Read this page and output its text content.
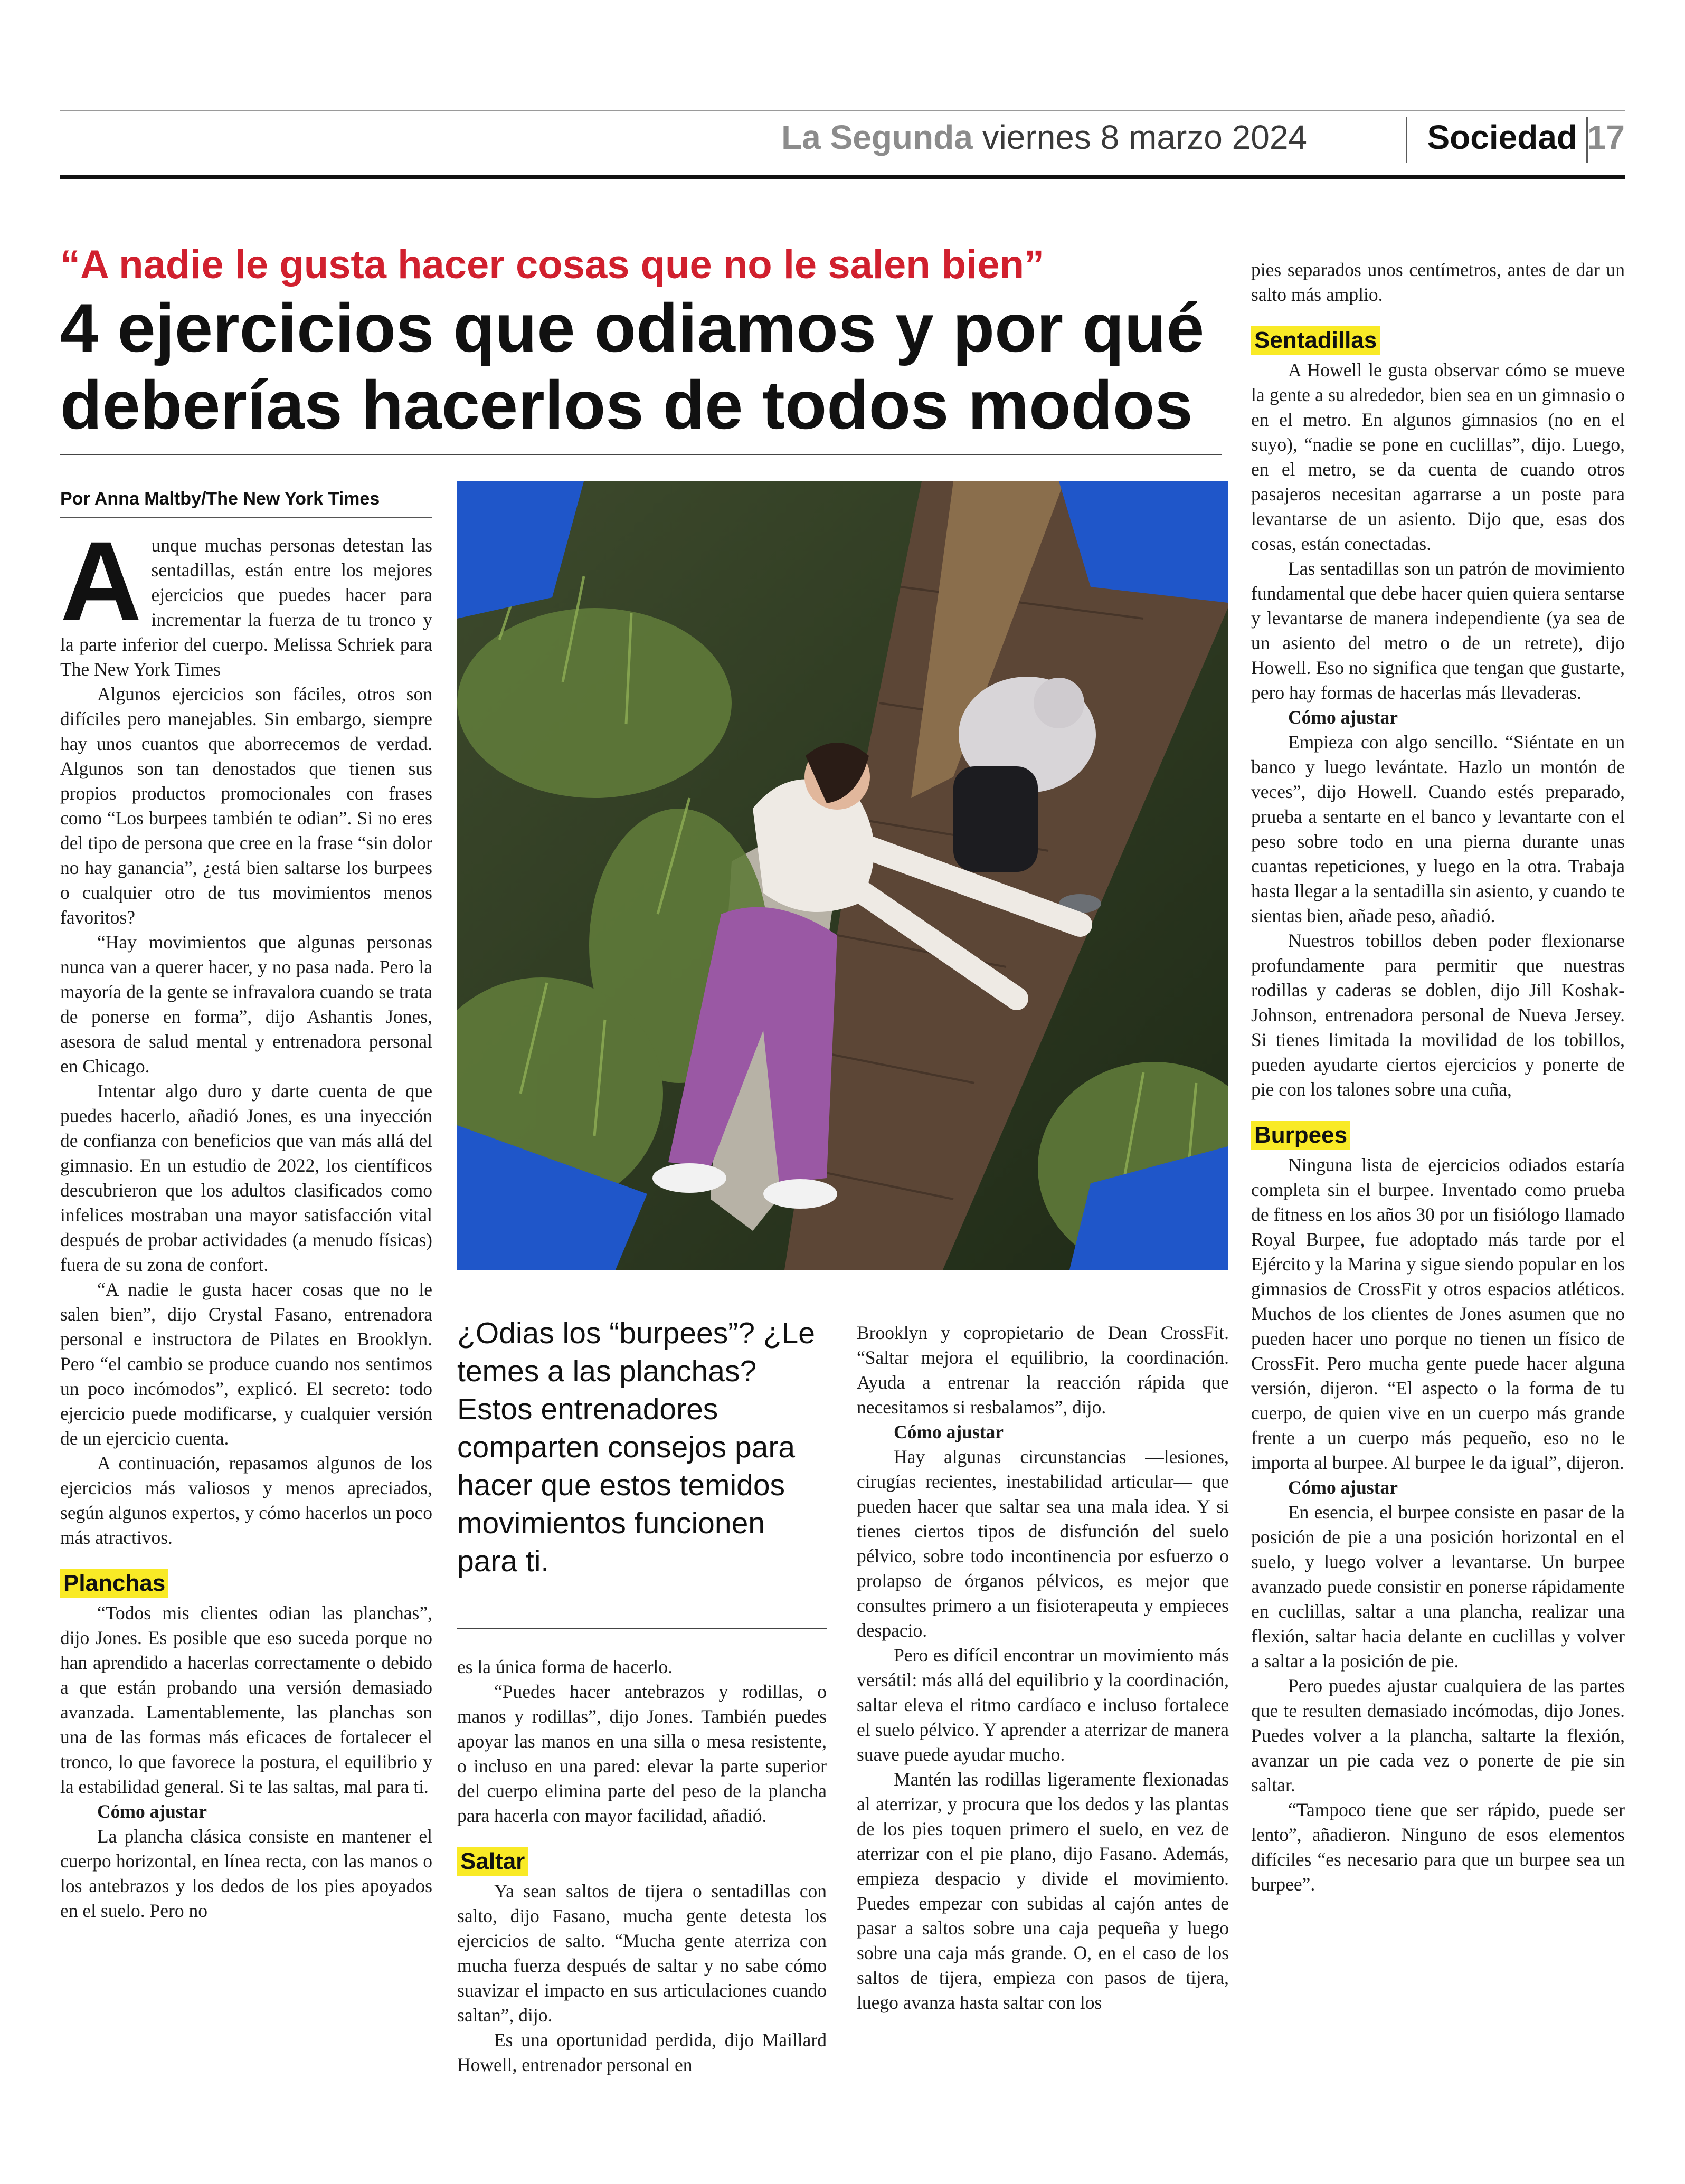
La Segunda viernes 8 marzo 2024	Sociedad 17
“A nadie le gusta hacer cosas que no le salen bien”
4 ejercicios que odiamos y por qué deberías hacerlos de todos modos
Por Anna Maltby/The New York Times

Aunque muchas personas detestan las sentadillas, están entre los mejores ejercicios que puedes hacer para incrementar la fuerza de tu tronco y la parte inferior del cuerpo. Melissa Schriek para The New York Times

Algunos ejercicios son fáciles, otros son difíciles pero manejables. Sin embargo, siempre hay unos cuantos que aborrecemos de verdad. Algunos son tan denostados que tienen sus propios productos promocionales con frases como “Los burpees también te odian”. Si no eres del tipo de persona que cree en la frase “sin dolor no hay ganancia”, ¿está bien saltarse los burpees o cualquier otro de tus movimientos menos favoritos?

“Hay movimientos que algunas personas nunca van a querer hacer, y no pasa nada. Pero la mayoría de la gente se infravalora cuando se trata de ponerse en forma”, dijo Ashantis Jones, asesora de salud mental y entrenadora personal en Chicago.

Intentar algo duro y darte cuenta de que puedes hacerlo, añadió Jones, es una inyección de confianza con beneficios que van más allá del gimnasio. En un estudio de 2022, los científicos descubrieron que los adultos clasificados como infelices mostraban una mayor satisfacción vital después de probar actividades (a menudo físicas) fuera de su zona de confort.

“A nadie le gusta hacer cosas que no le salen bien”, dijo Crystal Fasano, entrenadora personal e instructora de Pilates en Brooklyn. Pero “el cambio se produce cuando nos sentimos un poco incómodos”, explicó. El secreto: todo ejercicio puede modificarse, y cualquier versión de un ejercicio cuenta.

A continuación, repasamos algunos de los ejercicios más valiosos y menos apreciados, según algunos expertos, y cómo hacerlos un poco más atractivos.

Planchas

“Todos mis clientes odian las planchas”, dijo Jones. Es posible que eso suceda porque no han aprendido a hacerlas correctamente o debido a que están probando una versión demasiado avanzada. Lamentablemente, las planchas son una de las formas más eficaces de fortalecer el tronco, lo que favorece la postura, el equilibrio y la estabilidad general. Si te las saltas, mal para ti.

Cómo ajustar

La plancha clásica consiste en mantener el cuerpo horizontal, en línea recta, con las manos o los antebrazos y los dedos de los pies apoyados en el suelo. Pero no

¿Odias los “burpees”? ¿Le temes a las planchas? Estos entrenadores comparten consejos para hacer que estos temidos movimientos funcionen para ti.

es la única forma de hacerlo.

“Puedes hacer antebrazos y rodillas, o manos y rodillas”, dijo Jones. También puedes apoyar las manos en una silla o mesa resistente, o incluso en una pared: elevar la parte superior del cuerpo elimina parte del peso de la plancha para hacerla con mayor facilidad, añadió.

Saltar

Ya sean saltos de tijera o sentadillas con salto, dijo Fasano, mucha gente detesta los ejercicios de salto. “Mucha gente aterriza con mucha fuerza después de saltar y no sabe cómo suavizar el impacto en sus articulaciones cuando saltan”, dijo.

Es una oportunidad perdida, dijo Maillard Howell, entrenador personal en

Brooklyn y copropietario de Dean CrossFit. “Saltar mejora el equilibrio, la coordinación. Ayuda a entrenar la reacción rápida que necesitamos si resbalamos”, dijo.

Cómo ajustar

Hay algunas circunstancias —lesiones, cirugías recientes, inestabilidad articular— que pueden hacer que saltar sea una mala idea. Y si tienes ciertos tipos de disfunción del suelo pélvico, sobre todo incontinencia por esfuerzo o prolapso de órganos pélvicos, es mejor que consultes primero a un fisioterapeuta y empieces despacio.

Pero es difícil encontrar un movimiento más versátil: más allá del equilibrio y la coordinación, saltar eleva el ritmo cardíaco e incluso fortalece el suelo pélvico. Y aprender a aterrizar de manera suave puede ayudar mucho.

Mantén las rodillas ligeramente flexionadas al aterrizar, y procura que los dedos y las plantas de los pies toquen primero el suelo, en vez de aterrizar con el pie plano, dijo Fasano. Además, empieza despacio y divide el movimiento. Puedes empezar con subidas al cajón antes de pasar a saltos sobre una caja pequeña y luego sobre una caja más grande. O, en el caso de los saltos de tijera, empieza con pasos de tijera, luego avanza hasta saltar con los

pies separados unos centímetros, antes de dar un salto más amplio.

Sentadillas

A Howell le gusta observar cómo se mueve la gente a su alrededor, bien sea en un gimnasio o en el metro. En algunos gimnasios (no en el suyo), “nadie se pone en cuclillas”, dijo. Luego, en el metro, se da cuenta de cuando otros pasajeros necesitan agarrarse a un poste para levantarse de un asiento. Dijo que, esas dos cosas, están conectadas.

Las sentadillas son un patrón de movimiento fundamental que debe hacer quien quiera sentarse y levantarse de manera independiente (ya sea de un asiento del metro o de un retrete), dijo Howell. Eso no significa que tengan que gustarte, pero hay formas de hacerlas más llevaderas.

Cómo ajustar

Empieza con algo sencillo. “Siéntate en un banco y luego levántate. Hazlo un montón de veces”, dijo Howell. Cuando estés preparado, prueba a sentarte en el banco y levantarte con el peso sobre todo en una pierna durante unas cuantas repeticiones, y luego en la otra. Trabaja hasta llegar a la sentadilla sin asiento, y cuando te sientas bien, añade peso, añadió.

Nuestros tobillos deben poder flexionarse profundamente para permitir que nuestras rodillas y caderas se doblen, dijo Jill Koshak-Johnson, entrenadora personal de Nueva Jersey. Si tienes limitada la movilidad de los tobillos, pueden ayudarte ciertos ejercicios y ponerte de pie con los talones sobre una cuña,

Burpees

Ninguna lista de ejercicios odiados estaría completa sin el burpee. Inventado como prueba de fitness en los años 30 por un fisiólogo llamado Royal Burpee, fue adoptado más tarde por el Ejército y la Marina y sigue siendo popular en los gimnasios de CrossFit y otros espacios atléticos. Muchos de los clientes de Jones asumen que no pueden hacer uno porque no tienen un físico de CrossFit. Pero mucha gente puede hacer alguna versión, dijeron. “El aspecto o la forma de tu cuerpo, de quien vive en un cuerpo más grande frente a un cuerpo más pequeño, eso no le importa al burpee. Al burpee le da igual”, dijeron.

Cómo ajustar

En esencia, el burpee consiste en pasar de la posición de pie a una posición horizontal en el suelo, y luego volver a levantarse. Un burpee avanzado puede consistir en ponerse rápidamente en cuclillas, saltar a una plancha, realizar una flexión, saltar hacia delante en cuclillas y volver a saltar a la posición de pie.

Pero puedes ajustar cualquiera de las partes que te resulten demasiado incómodas, dijo Jones. Puedes volver a la plancha, saltarte la flexión, avanzar un pie cada vez o ponerte de pie sin saltar.

“Tampoco tiene que ser rápido, puede ser lento”, añadieron. Ninguno de esos elementos difíciles “es necesario para que un burpee sea un burpee”.
